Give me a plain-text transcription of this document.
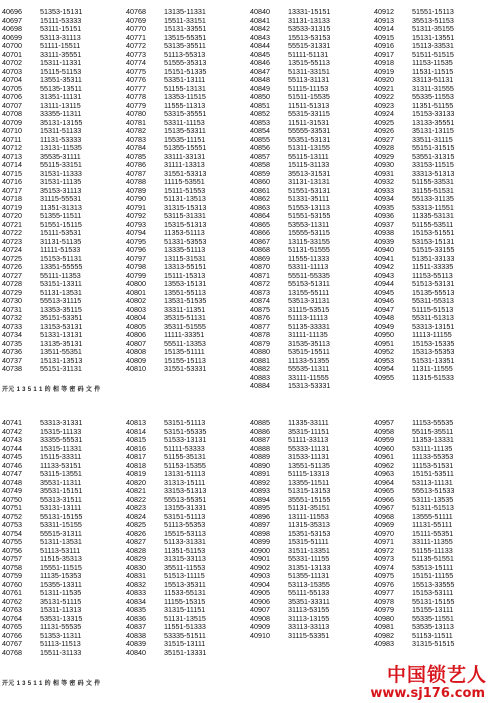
40696	51353-15131
40697	15111-53333
40698	53111-15151
40699	53113-31113
40700	51111-15511
40701	33111-35551
40702	15311-11331
40703	15115-51153
40704	13551-35311
40705	55135-13511
40706	31351-11131
40707	13111-13115
40708	33355-11311
40709	35131-13155
40710	15311-51133
40711	11131-53333
40712	13131-11535
40713	35535-31111
40714	55115-33151
40715	31531-11333
40716	31531-11135
40717	35153-31113
40718	31115-55531
40719	11351-31313
40720	51355-11511
40721	51551-15115
40722	15111-53531
40723	31131-51135
40724	11111-51533
40725	15153-51131
40726	13351-55555
40727	55111-11353
40728	53151-13311
40729	51131-13531
40730	55513-31115
40731	13353-35115
40732	35151-53351
40733	13153-53131
40734	51331-13131
40735	13135-35131
40736	13511-55351
40737	15131-13513
40738	55151-31131
40768	13135-11331
40769	15511-33151
40770	15131-33551
40771	13515-55351
40772	53135-35511
40773	51113-55313
40774	51555-35313
40775	15151-51335
40776	53351-13111
40777	51155-13131
40778	13353-11515
40779	11555-11313
40780	53315-35551
40781	53311-11153
40782	15135-53311
40783	15535-11151
40784	51355-15551
40785	33111-33131
40786	31111-13313
40787	31551-53313
40788	11115-53551
40789	15111-51553
40790	51131-13513
40791	31315-15313
40792	53115-31331
40793	15315-51313
40794	11353-51113
40795	51331-53553
40796	13335-51113
40797	13115-31531
40798	13313-55151
40799	15111-15313
40800	13553-15131
40801	13551-55113
40802	13531-51535
40803	33311-11351
40804	35315-51131
40805	35311-51555
40806	11111-33351
40807	55511-13353
40808	15135-51111
40809	15155-15113
40810	31551-53331
40840	13331-15151
40841	31131-13133
40842	53533-31315
40843	15513-53153
40844	55515-31331
40845	51111-51131
40846	13515-55113
40847	51311-33151
40848	55113-31131
40849	51115-11153
40850	51511-15535
40851	11511-51313
40852	55315-33115
40853	11511-31531
40854	55555-33531
40855	55351-53131
40856	51311-13155
40857	55115-13111
40858	15115-31133
40859	35513-31531
40860	31131-13131
40861	51551-53131
40862	51331-35111
40863	51553-13113
40864	51551-53155
40865	53553-11311
40866	15555-53115
40867	13115-33155
40868	51131-51555
40869	11555-11333
40870	53311-11113
40871	55511-55335
40872	55153-51311
40873	13155-55111
40874	53513-31131
40875	31115-53515
40876	51113-11113
40877	51135-33331
40878	31111-11135
40879	31535-35113
40880	53515-15511
40881	11133-51355
40882	55535-11311
40883	33111-11555
40884	15313-53331
40912	51551-15113
40913	35513-51153
40914	51311-35155
40915	15131-13551
40916	15113-33531
40917	51511-51515
40918	11153-11535
40919	11531-11515
40920	33113-51131
40921	31311-31555
40922	55335-11553
40923	11351-51155
40924	15153-33133
40925	13133-35551
40926	35131-13115
40927	33511-31115
40928	55151-31515
40929	53551-31315
40930	33153-11515
40931	33313-51313
40932	51155-33531
40933	31155-51531
40934	55133-31135
40935	53313-11551
40936	11335-53131
40937	51155-53511
40938	15153-51551
40939	53153-15131
40940	51515-33155
40941	51351-33133
40942	11511-33335
40943	11153-55113
40944	51513-53131
40945	15135-55513
40946	55311-55313
40947	51115-51513
40948	55311-51313
40949	53313-13151
40950	11113-11155
40951	15153-15335
40952	15313-55353
40953	51531-13351
40954	11311-11555
40955	11315-51533
开元 1 3 5 1 1 的 相 等 密 码 文 件
40741	53313-31331
40742	15315-11133
40743	33355-55531
40744	15315-11331
40745	15115-33311
40746	11133-53151
40747	53115-13551
40748	35531-11311
40749	35531-15151
40750	55313-31511
40751	53131-13111
40752	55131-15155
40753	53311-15155
40754	55515-31311
40755	51311-13531
40756	51113-53111
40757	11515-35313
40758	15551-11515
40759	11135-15353
40760	15355-13311
40761	51311-11535
40762	35131-51115
40763	15311-11313
40764	53531-13315
40765	11131-55535
40766	51353-11311
40767	51113-11513
40768	15511-31133
40813	53151-51113
40814	53151-55335
40815	51533-13131
40816	51111-53333
40817	51155-35131
40818	51153-15355
40819	13131-51113
40820	31313-15111
40821	33153-51313
40822	55513-55351
40823	13155-31331
40824	53151-51113
40825	51113-55353
40826	15515-53113
40827	51133-31331
40828	11351-51153
40829	31315-33113
40830	35511-11553
40831	51513-11115
40832	15513-35311
40833	11533-55131
40834	11155-15315
40835	31315-11151
40836	51131-13515
40837	11551-51333
40838	53335-51511
40839	31515-13111
40840	35151-13331
40885	11335-33111
40886	35315-11151
40887	51111-33113
40888	55333-11131
40889	31533-11131
40890	13551-51135
40891	51115-13313
40892	13355-11511
40893	51315-13153
40894	35551-15155
40895	51131-35151
40896	13111-11553
40897	11315-35313
40898	15351-53153
40899	15315-51111
40900	31511-13351
40901	55331-11155
40902	31351-13133
40903	51355-11131
40904	53113-15355
40905	55111-55133
40906	35351-33311
40907	31113-53155
40908	31113-13155
40909	33113-33113
40910	31115-53351
40957	11153-55535
40958	55115-35511
40959	11353-13331
40960	53111-11135
40961	11133-55353
40962	11153-51531
40963	15151-53511
40964	53113-11131
40965	55513-51533
40966	53111-13535
40967	51311-51513
40968	13555-51111
40969	11131-55111
40970	15111-55351
40971	33111-11355
40972	51155-11133
40973	51135-51551
40974	53513-15111
40975	15151-11155
40976	15513-33555
40977	15153-53111
40978	55131-15155
40979	15155-13111
40980	55335-11551
40981	53535-13113
40982	51153-11511
40983	31315-51515
开元 1 3 5 1 1 的 相 等 密 码 文 件	中国锁艺人
www.sj176.com
